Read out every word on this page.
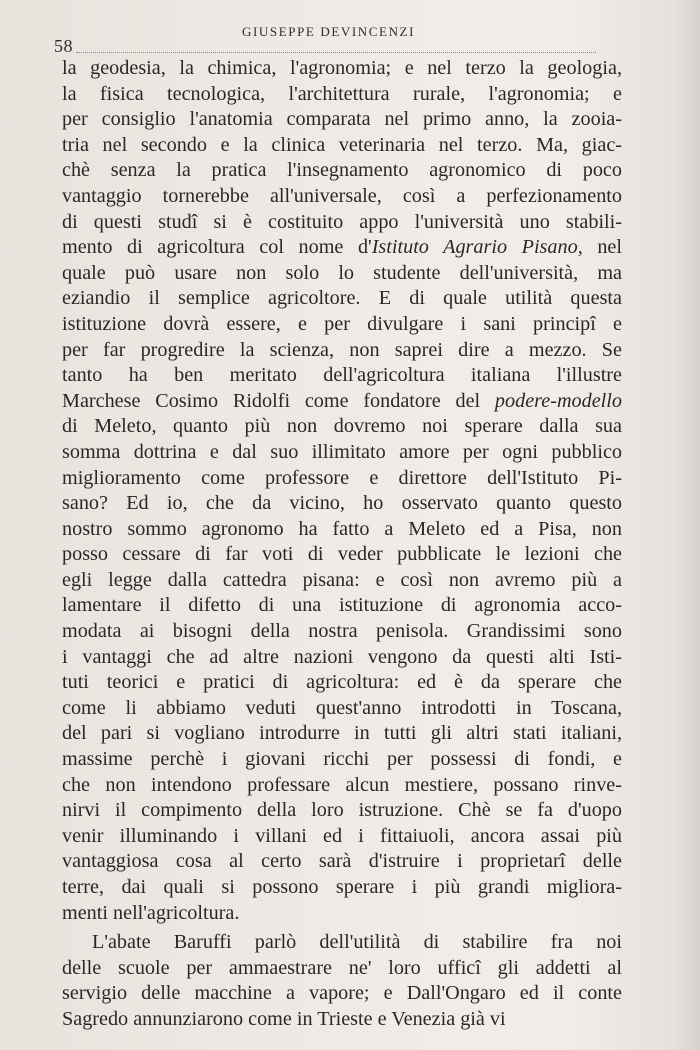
58
GIUSEPPE DEVINCENZI
la geodesia, la chimica, l'agronomia; e nel terzo la geologia,
la fisica tecnologica, l'architettura rurale, l'agronomia; e
per consiglio l'anatomia comparata nel primo anno, la zooia-
tria nel secondo e la clinica veterinaria nel terzo. Ma, giac-
chè senza la pratica l'insegnamento agronomico di poco
vantaggio tornerebbe all'universale, così a perfezionamento
di questi studî si è costituito appo l'università uno stabili-
mento di agricoltura col nome d'Istituto Agrario Pisano, nel
quale può usare non solo lo studente dell'università, ma
eziandio il semplice agricoltore. E di quale utilità questa
istituzione dovrà essere, e per divulgare i sani principî e
per far progredire la scienza, non saprei dire a mezzo. Se
tanto ha ben meritato dell'agricoltura italiana l'illustre
Marchese Cosimo Ridolfi come fondatore del podere-modello
di Meleto, quanto più non dovremo noi sperare dalla sua
somma dottrina e dal suo illimitato amore per ogni pubblico
miglioramento come professore e direttore dell'Istituto Pi-
sano? Ed io, che da vicino, ho osservato quanto questo
nostro sommo agronomo ha fatto a Meleto ed a Pisa, non
posso cessare di far voti di veder pubblicate le lezioni che
egli legge dalla cattedra pisana: e così non avremo più a
lamentare il difetto di una istituzione di agronomia acco-
modata ai bisogni della nostra penisola. Grandissimi sono
i vantaggi che ad altre nazioni vengono da questi alti Isti-
tuti teorici e pratici di agricoltura: ed è da sperare che
come li abbiamo veduti quest'anno introdotti in Toscana,
del pari si vogliano introdurre in tutti gli altri stati italiani,
massime perchè i giovani ricchi per possessi di fondi, e
che non intendono professare alcun mestiere, possano rinve-
nirvi il compimento della loro istruzione. Chè se fa d'uopo
venir illuminando i villani ed i fittaiuoli, ancora assai più
vantaggiosa cosa al certo sarà d'istruire i proprietarî delle
terre, dai quali si possono sperare i più grandi migliora-
menti nell'agricoltura.
L'abate Baruffi parlò dell'utilità di stabilire fra noi
delle scuole per ammaestrare ne' loro ufficî gli addetti al
servigio delle macchine a vapore; e Dall'Ongaro ed il conte
Sagredo annunziarono come in Trieste e Venezia già vi
